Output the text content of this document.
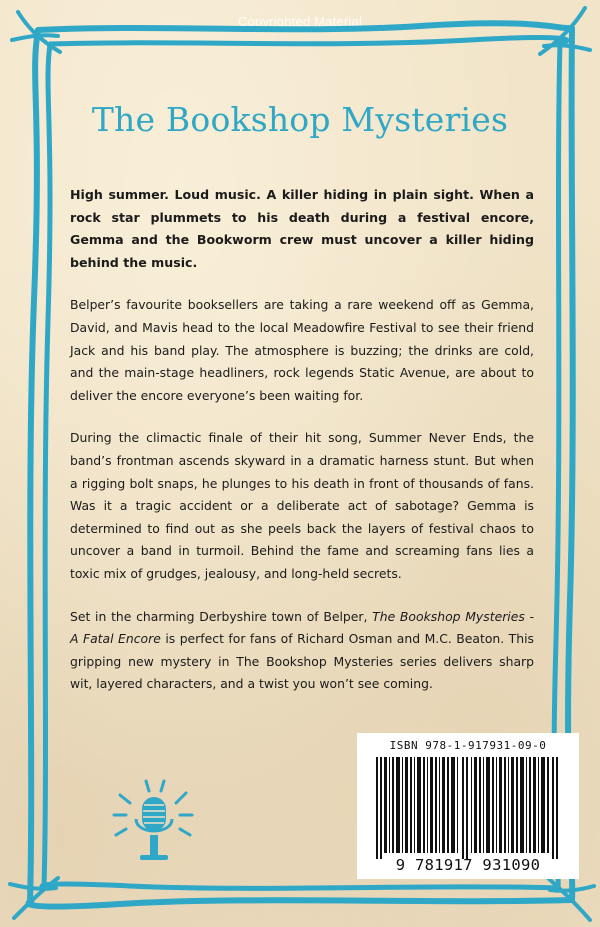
Copyrighted Material
The Bookshop Mysteries

High summer. Loud music. A killer hiding in plain sight. When a rock star plummets to his death during a festival encore, Gemma and the Bookworm crew must uncover a killer hiding behind the music.

Belper’s favourite booksellers are taking a rare weekend off as Gemma, David, and Mavis head to the local Meadowfire Festival to see their friend Jack and his band play. The atmosphere is buzzing; the drinks are cold, and the main-stage headliners, rock legends Static Avenue, are about to deliver the encore everyone’s been waiting for.

During the climactic finale of their hit song, Summer Never Ends, the band’s frontman ascends skyward in a dramatic harness stunt. But when a rigging bolt snaps, he plunges to his death in front of thousands of fans. Was it a tragic accident or a deliberate act of sabotage? Gemma is determined to find out as she peels back the layers of festival chaos to uncover a band in turmoil. Behind the fame and screaming fans lies a toxic mix of grudges, jealousy, and long-held secrets.

Set in the charming Derbyshire town of Belper, The Bookshop Mysteries - A Fatal Encore is perfect for fans of Richard Osman and M.C. Beaton. This gripping new mystery in The Bookshop Mysteries series delivers sharp wit, layered characters, and a twist you won’t see coming.

ISBN 978-1-917931-09-0
9 781917 931090
